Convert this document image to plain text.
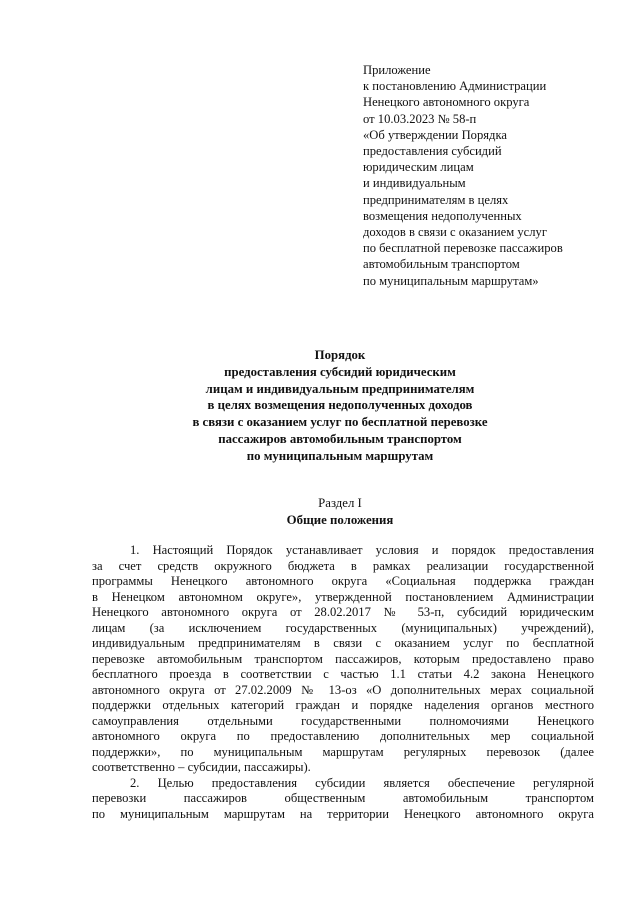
Приложение
к постановлению Администрации
Ненецкого автономного округа
от 10.03.2023 № 58-п
«Об утверждении Порядка
предоставления субсидий
юридическим лицам
и индивидуальным
предпринимателям в целях
возмещения недополученных
доходов в связи с оказанием услуг
по бесплатной перевозке пассажиров
автомобильным транспортом
по муниципальным маршрутам»
Порядок
предоставления субсидий юридическим
лицам и индивидуальным предпринимателям
в целях возмещения недополученных доходов
в связи с оказанием услуг по бесплатной перевозке
пассажиров автомобильным транспортом
по муниципальным маршрутам
Раздел I
Общие положения
1. Настоящий Порядок устанавливает условия и порядок предоставления
за счет средств окружного бюджета в рамках реализации государственной
программы Ненецкого автономного округа «Социальная поддержка граждан
в Ненецком автономном округе», утвержденной постановлением Администрации
Ненецкого автономного округа от 28.02.2017 № 53-п, субсидий юридическим
лицам (за исключением государственных (муниципальных) учреждений),
индивидуальным предпринимателям в связи с оказанием услуг по бесплатной
перевозке автомобильным транспортом пассажиров, которым предоставлено право
бесплатного проезда в соответствии с частью 1.1 статьи 4.2 закона Ненецкого
автономного округа от 27.02.2009 № 13-оз «О дополнительных мерах социальной
поддержки отдельных категорий граждан и порядке наделения органов местного
самоуправления отдельными государственными полномочиями Ненецкого
автономного округа по предоставлению дополнительных мер социальной
поддержки», по муниципальным маршрутам регулярных перевозок (далее
соответственно – субсидии, пассажиры).
2. Целью предоставления субсидии является обеспечение регулярной
перевозки пассажиров общественным автомобильным транспортом
по муниципальным маршрутам на территории Ненецкого автономного округа
